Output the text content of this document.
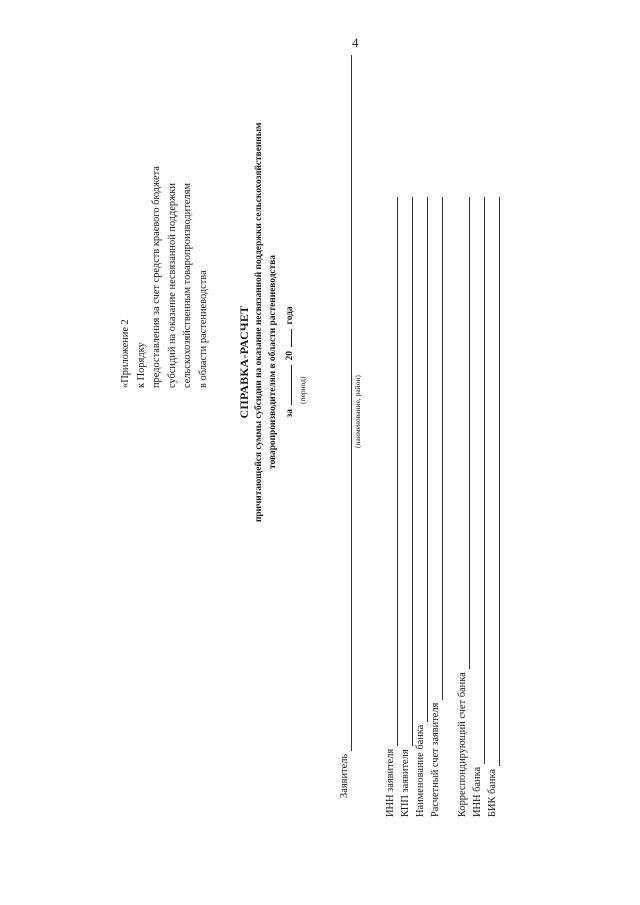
4
«Приложение 2 к Порядку предоставления за счет средств краевого бюджета субсидий на оказание несвязанной поддержки сельскохозяйственным товаропроизводителям в области растениеводства СПРАВКА-РАСЧЕТ причитающейся суммы субсидии на оказание несвязанной поддержки сельскохозяйственным товаропроизводителям в области растениеводства за  20  года
(период)
Заявитель
(наименование, район)
ИНН заявителя КПП заявителя Наименование банка Расчетный счет заявителя Корреспондирующий счет банка ИНН банка БИК банка
